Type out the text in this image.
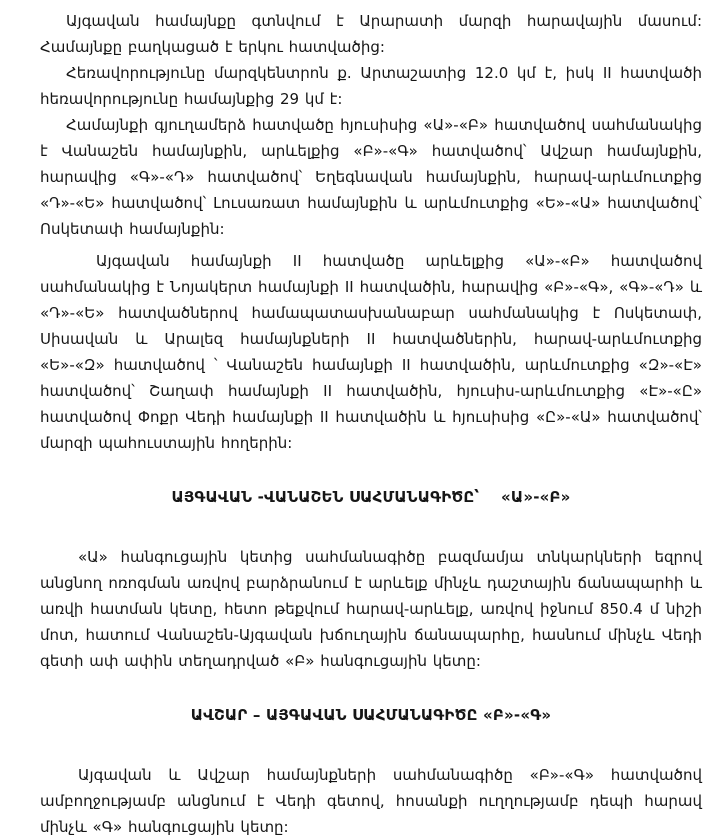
Այգավան համայնքը գտնվում է Արարատի մարզի հարավային մասում: Համայնքը բաղկացած է երկու հատվածից:

Հեռավորությունը մարզկենտրոն ք. Արտաշատից 12.0 կմ է, իսկ II հատվածի հեռավորությունը համայնքից 29 կմ է:

Համայնքի գյուղամերձ հատվածը հյուսիսից «Ա»-«Բ» հատվածով սահմանակից է Վանաշեն համայնքին, արևելքից «Բ»-«Գ» հատվածով՝ Ավշար համայնքին, հարավից «Գ»-«Դ» հատվածով՝ Եղեգնավան համայնքին, հարավ-արևմուտքից «Դ»-«Ե» հատվածով՝ Լուսառատ համայնքին և արևմուտքից «Ե»-«Ա» հատվածով՝ Ոսկետափ համայնքին:

Այգավան համայնքի II հատվածը արևելքից «Ա»-«Բ» հատվածով սահմանակից է Նոյակերտ համայնքի II հատվածին, հարավից «Բ»-«Գ», «Գ»-«Դ» և «Դ»-«Ե» հատվածներով համապատասխանաբար սահմանակից է Ոսկետափ, Սիսավան և Արալեզ համայնքների II հատվածներին, հարավ-արևմուտքից «Ե»-«Զ» հատվածով ՝ Վանաշեն համայնքի II հատվածին, արևմուտքից «Զ»-«Է» հատվածով՝ Շաղափ համայնքի II հատվածին, հյուսիս-արևմուտքից «Է»-«Ը» հատվածով Փոքր Վեդի համայնքի II հատվածին և հյուսիսից «Ը»-«Ա» հատվածով՝ մարզի պահուստային հողերին:

ԱՅԳԱՎԱՆ -ՎԱՆԱՇԵՆ ՍԱՀՄԱՆԱԳԻԾԸ՝    «Ա»-«Բ»

«Ա» հանգուցային կետից սահմանագիծը բազմամյա տնկարկների եզրով անցնող ոռոգման առվով բարձրանում է արևելք մինչև դաշտային ճանապարհի և առվի հատման կետը, հետո թեքվում հարավ-արևելք, առվով իջնում 850.4 մ նիշի մոտ, հատում Վանաշեն-Այգավան խճուղային ճանապարհը, հասնում մինչև Վեդի գետի ափ ափին տեղադրված «Բ» հանգուցային կետը:

ԱՎՇԱՐ – ԱՅԳԱՎԱՆ ՍԱՀՄԱՆԱԳԻԾԸ «Բ»-«Գ»

Այգավան և Ավշար համայնքների սահմանագիծը «Բ»-«Գ» հատվածով ամբողջությամբ անցնում է Վեդի գետով, հոսանքի ուղղությամբ դեպի հարավ մինչև «Գ» հանգուցային կետը:
